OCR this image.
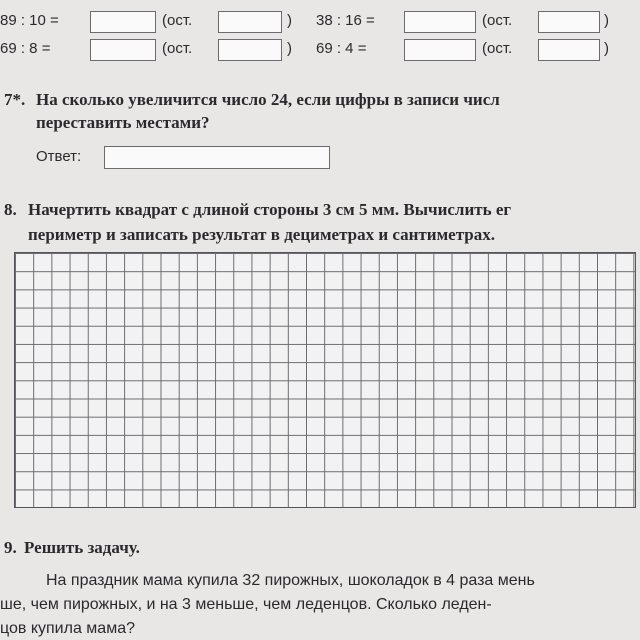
89 : 10 =	(ост.	) 38 : 16 =	(ост.	)
69 : 8 =	(ост.	) 69 : 4 =	(ост.	)
7*. На сколько увеличится число 24, если цифры в записи числ
переставить местами?
Ответ:
8. Начертить квадрат с длиной стороны 3 см 5 мм. Вычислить ег
периметр и записать результат в дециметрах и сантиметрах.
9. Решить задачу.
На праздник мама купила 32 пирожных, шоколадок в 4 раза мень
ше, чем пирожных, и на 3 меньше, чем леденцов. Сколько леден-
цов купила мама?
